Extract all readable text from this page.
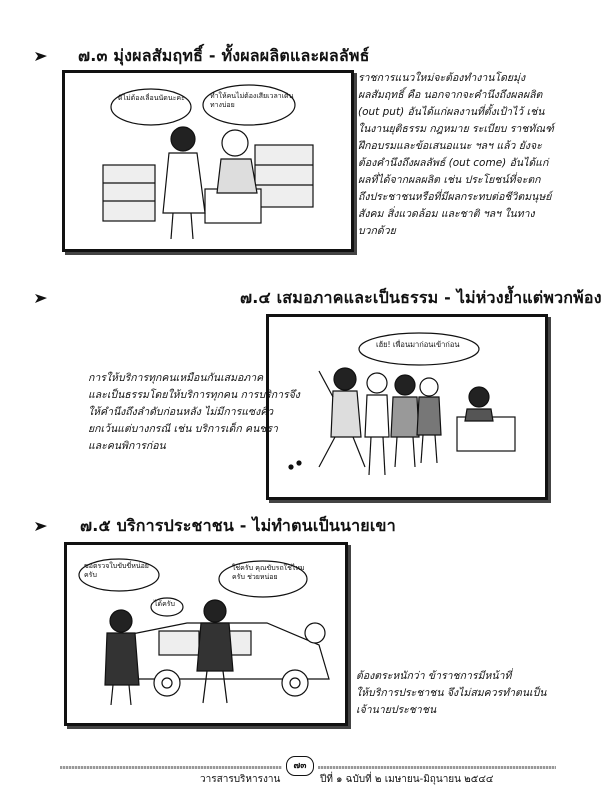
๗.๓ มุ่งผลสัมฤทธิ์ - ทั้งผลผลิตและผลลัพธ์
ดีไม่ต้องเลื่อนนัดนะคะ	ทำให้คนไม่ต้องเสียเวลาเดินทางบ่อย
ราชการแนวใหม่จะต้องทำงานโดยมุ่ง
ผลสัมฤทธิ์ คือ นอกจากจะคำนึงถึงผลผลิต
(out put) อันได้แก่ผลงานที่ตั้งเป้าไว้ เช่น
ในงานยุติธรรม กฎหมาย ระเบียบ ราชทัณฑ์
ฝึกอบรมและข้อเสนอแนะ ฯลฯ แล้ว ยังจะ
ต้องคำนึงถึงผลลัพธ์ (out come) อันได้แก่
ผลที่ได้จากผลผลิต เช่น ประโยชน์ที่จะตก
ถึงประชาชนหรือที่มีผลกระทบต่อชีวิตมนุษย์
สังคม สิ่งแวดล้อม และชาติ ฯลฯ ในทาง
บวกด้วย
๗.๔ เสมอภาคและเป็นธรรม - ไม่ห่วงย้ำแต่พวกพ้อง
เฮ้ย! เพื่อนมาก่อนเข้าก่อน
การให้บริการทุกคนเหมือนกันเสมอภาค
และเป็นธรรมโดยให้บริการทุกคน การบริการจึง
ให้คำนึงถึงลำดับก่อนหลัง ไม่มีการแซงคิว
ยกเว้นแต่บางกรณี เช่น บริการเด็ก คนชรา
และคนพิการก่อน
๗.๕ บริการประชาชน - ไม่ทำตนเป็นนายเขา
ขอตรวจใบขับขี่หน่อยครับ
ได้ครับ
ใช่ครับ คุณขับรถใช่ไหมครับ ช่วยหน่อย
ต้องตระหนักว่า ข้าราชการมีหน้าที่
ให้บริการประชาชน จึงไม่สมควรทำตนเป็น
เจ้านายประชาชน
วารสารบริหารงาน
๗๓
ปีที่ ๑ ฉบับที่ ๒ เมษายน-มิถุนายน ๒๕๔๔
